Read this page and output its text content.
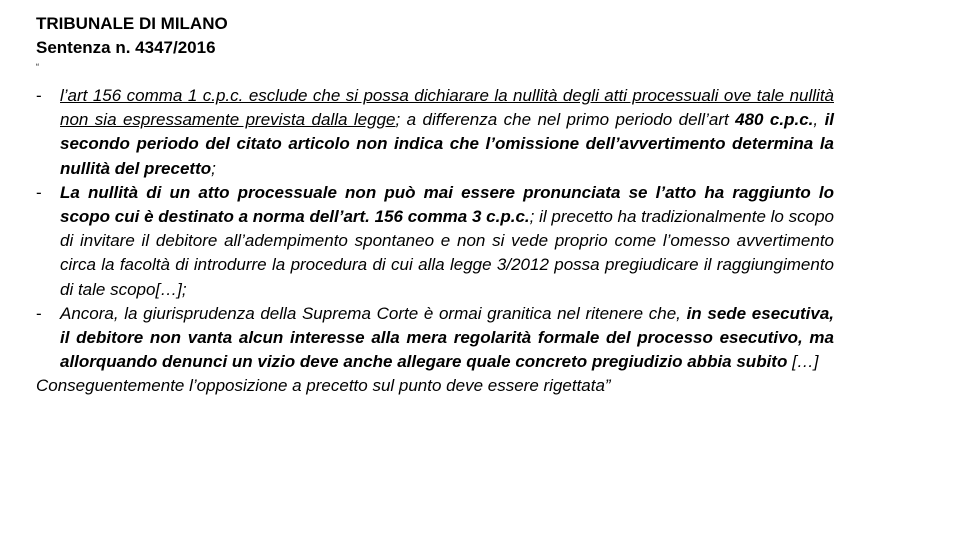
TRIBUNALE DI MILANO
Sentenza n. 4347/2016
“
- l’art 156 comma 1 c.p.c. esclude che si possa dichiarare la nullità degli atti processuali ove tale nullità non sia espressamente prevista dalla legge; a differenza che nel primo periodo dell’art 480 c.p.c., il secondo periodo del citato articolo non indica che l’omissione dell’avvertimento determina la nullità del precetto;
- La nullità di un atto processuale non può mai essere pronunciata se l’atto ha raggiunto lo scopo cui è destinato a norma dell’art. 156 comma 3 c.p.c.; il precetto ha tradizionalmente lo scopo di invitare il debitore all’adempimento spontaneo e non si vede proprio come l’omesso avvertimento circa la facoltà di introdurre la procedura di cui alla legge 3/2012 possa pregiudicare il raggiungimento di tale scopo[…];
- Ancora, la giurisprudenza della Suprema Corte è ormai granitica nel ritenere che, in sede esecutiva, il debitore non vanta alcun interesse alla mera regolarità formale del processo esecutivo, ma allorquando denunci un vizio deve anche allegare quale concreto pregiudizio abbia subito […]
Conseguentemente l’opposizione a precetto sul punto deve essere rigettata”
